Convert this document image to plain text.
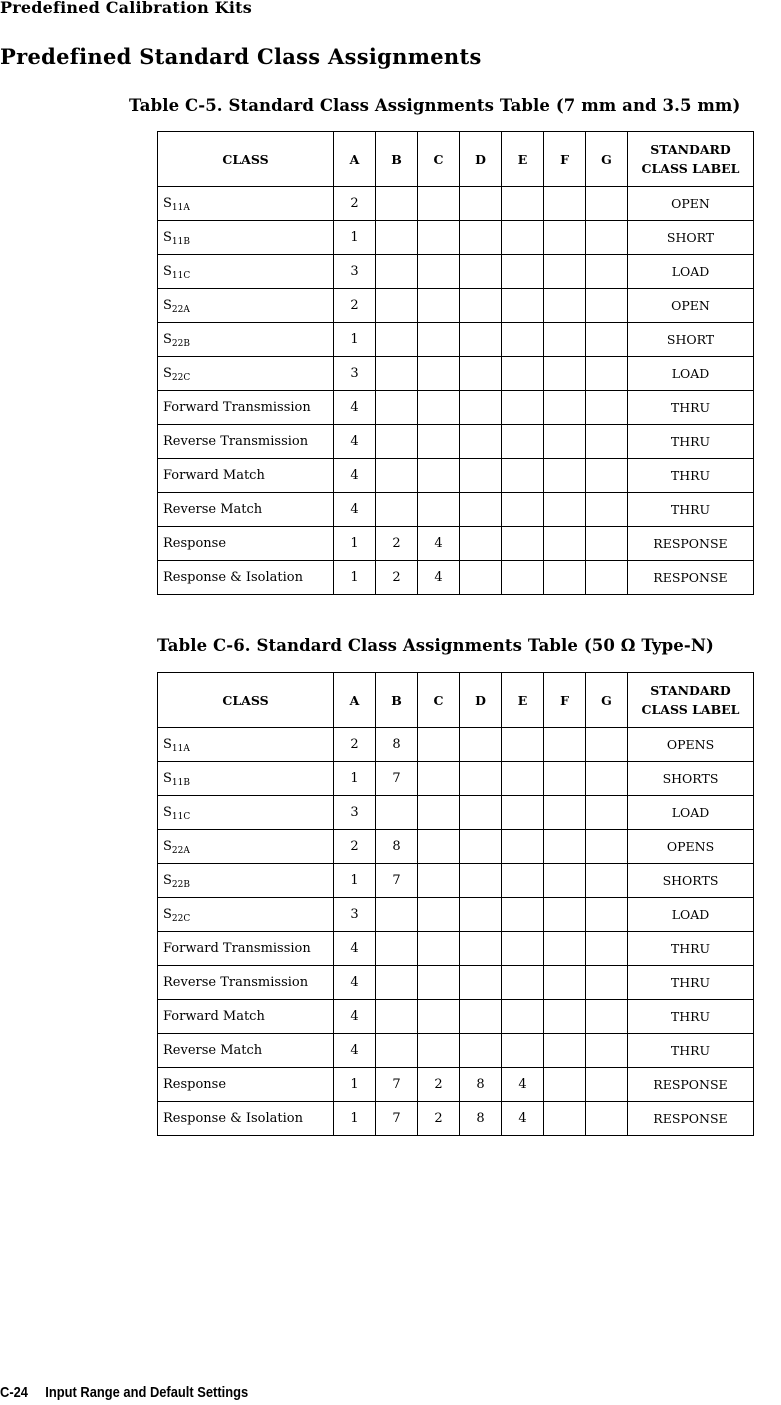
Predefined Calibration Kits
Predefined Standard Class Assignments
Table C-5. Standard Class Assignments Table (7 mm and 3.5 mm)
CLASS	A	B	C	D	E	F	G	STANDARD
CLASS LABEL
$S_{11A}$	2							OPEN
$S_{11B}$	1							SHORT
$S_{11C}$	3							LOAD
$S_{22A}$	2							OPEN
$S_{22B}$	1							SHORT
$S_{22C}$	3							LOAD
Forward Transmission	4							THRU
Reverse Transmission	4							THRU
Forward Match	4							THRU
Reverse Match	4							THRU
Response	1	2	4					RESPONSE
Response & Isolation	1	2	4					RESPONSE
Table C-6. Standard Class Assignments Table (50 Ω Type-N)
CLASS	A	B	C	D	E	F	G	STANDARD
CLASS LABEL
$S_{11A}$	2	8						OPENS
$S_{11B}$	1	7						SHORTS
$S_{11C}$	3							LOAD
$S_{22A}$	2	8						OPENS
$S_{22B}$	1	7						SHORTS
$S_{22C}$	3							LOAD
Forward Transmission	4							THRU
Reverse Transmission	4							THRU
Forward Match	4							THRU
Reverse Match	4							THRU
Response	1	7	2	8	4			RESPONSE
Response & Isolation	1	7	2	8	4			RESPONSE
C-24 Input Range and Default Settings
